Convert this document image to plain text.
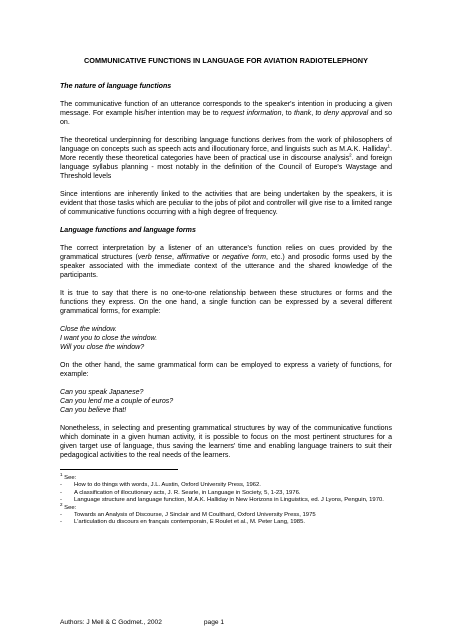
COMMUNICATIVE FUNCTIONS IN LANGUAGE FOR AVIATION RADIOTELEPHONY
The nature of language functions

The communicative function of an utterance corresponds to the speaker's intention in producing a given message. For example his/her intention may be to request information, to thank, to deny approval and so on.

The theoretical underpinning for describing language functions derives from the work of philosophers of language on concepts such as speech acts and illocutionary force, and linguists such as M.A.K. Halliday$^1$. More recently these theoretical categories have been of practical use in discourse analysis$^2$. and foreign language syllabus planning - most notably in the definition of the Council of Europe's Waystage and Threshold levels

Since intentions are inherently linked to the activities that are being undertaken by the speakers, it is evident that those tasks which are peculiar to the jobs of pilot and controller will give rise to a limited range of communicative functions occurring with a high degree of frequency.

Language functions and language forms

The correct interpretation by a listener of an utterance's function relies on cues provided by the grammatical structures (verb tense, affirmative or negative form, etc.) and prosodic forms used by the speaker associated with the immediate context of the utterance and the shared knowledge of the participants.

It is true to say that there is no one-to-one relationship between these structures or forms and the functions they express. On the one hand, a single function can be expressed by a several different grammatical forms, for example:

Close the window.
I want you to close the window.
Will you close the window?

On the other hand, the same grammatical form can be employed to express a variety of functions, for example:

Can you speak Japanese?
Can you lend me a couple of euros?
Can you believe that!

Nonetheless, in selecting and presenting grammatical structures by way of the communicative functions which dominate in a given human activity, it is possible to focus on the most pertinent structures for a given target use of language, thus saving the learners' time and enabling language trainers to suit their pedagogical activities to the real needs of the learners.

$^1$ See:
-	How to do things with words, J.L. Austin, Oxford University Press, 1962.
-	A classification of illocutionary acts, J. R. Searle, in Language in Society, 5, 1-23, 1976.
-	Language structure and language function, M.A.K. Halliday in New Horizons in Linguistics, ed. J Lyons, Penguin, 1970.
$^2$ See:
-	Towards an Analysis of Discourse, J Sinclair and M Coulthard, Oxford University Press, 1975
-	L'articulation du discours en français contemporain, E Roulet et al., M. Peter Lang, 1985.
Authors: J Mell & C Godmet., 2002	page 1
